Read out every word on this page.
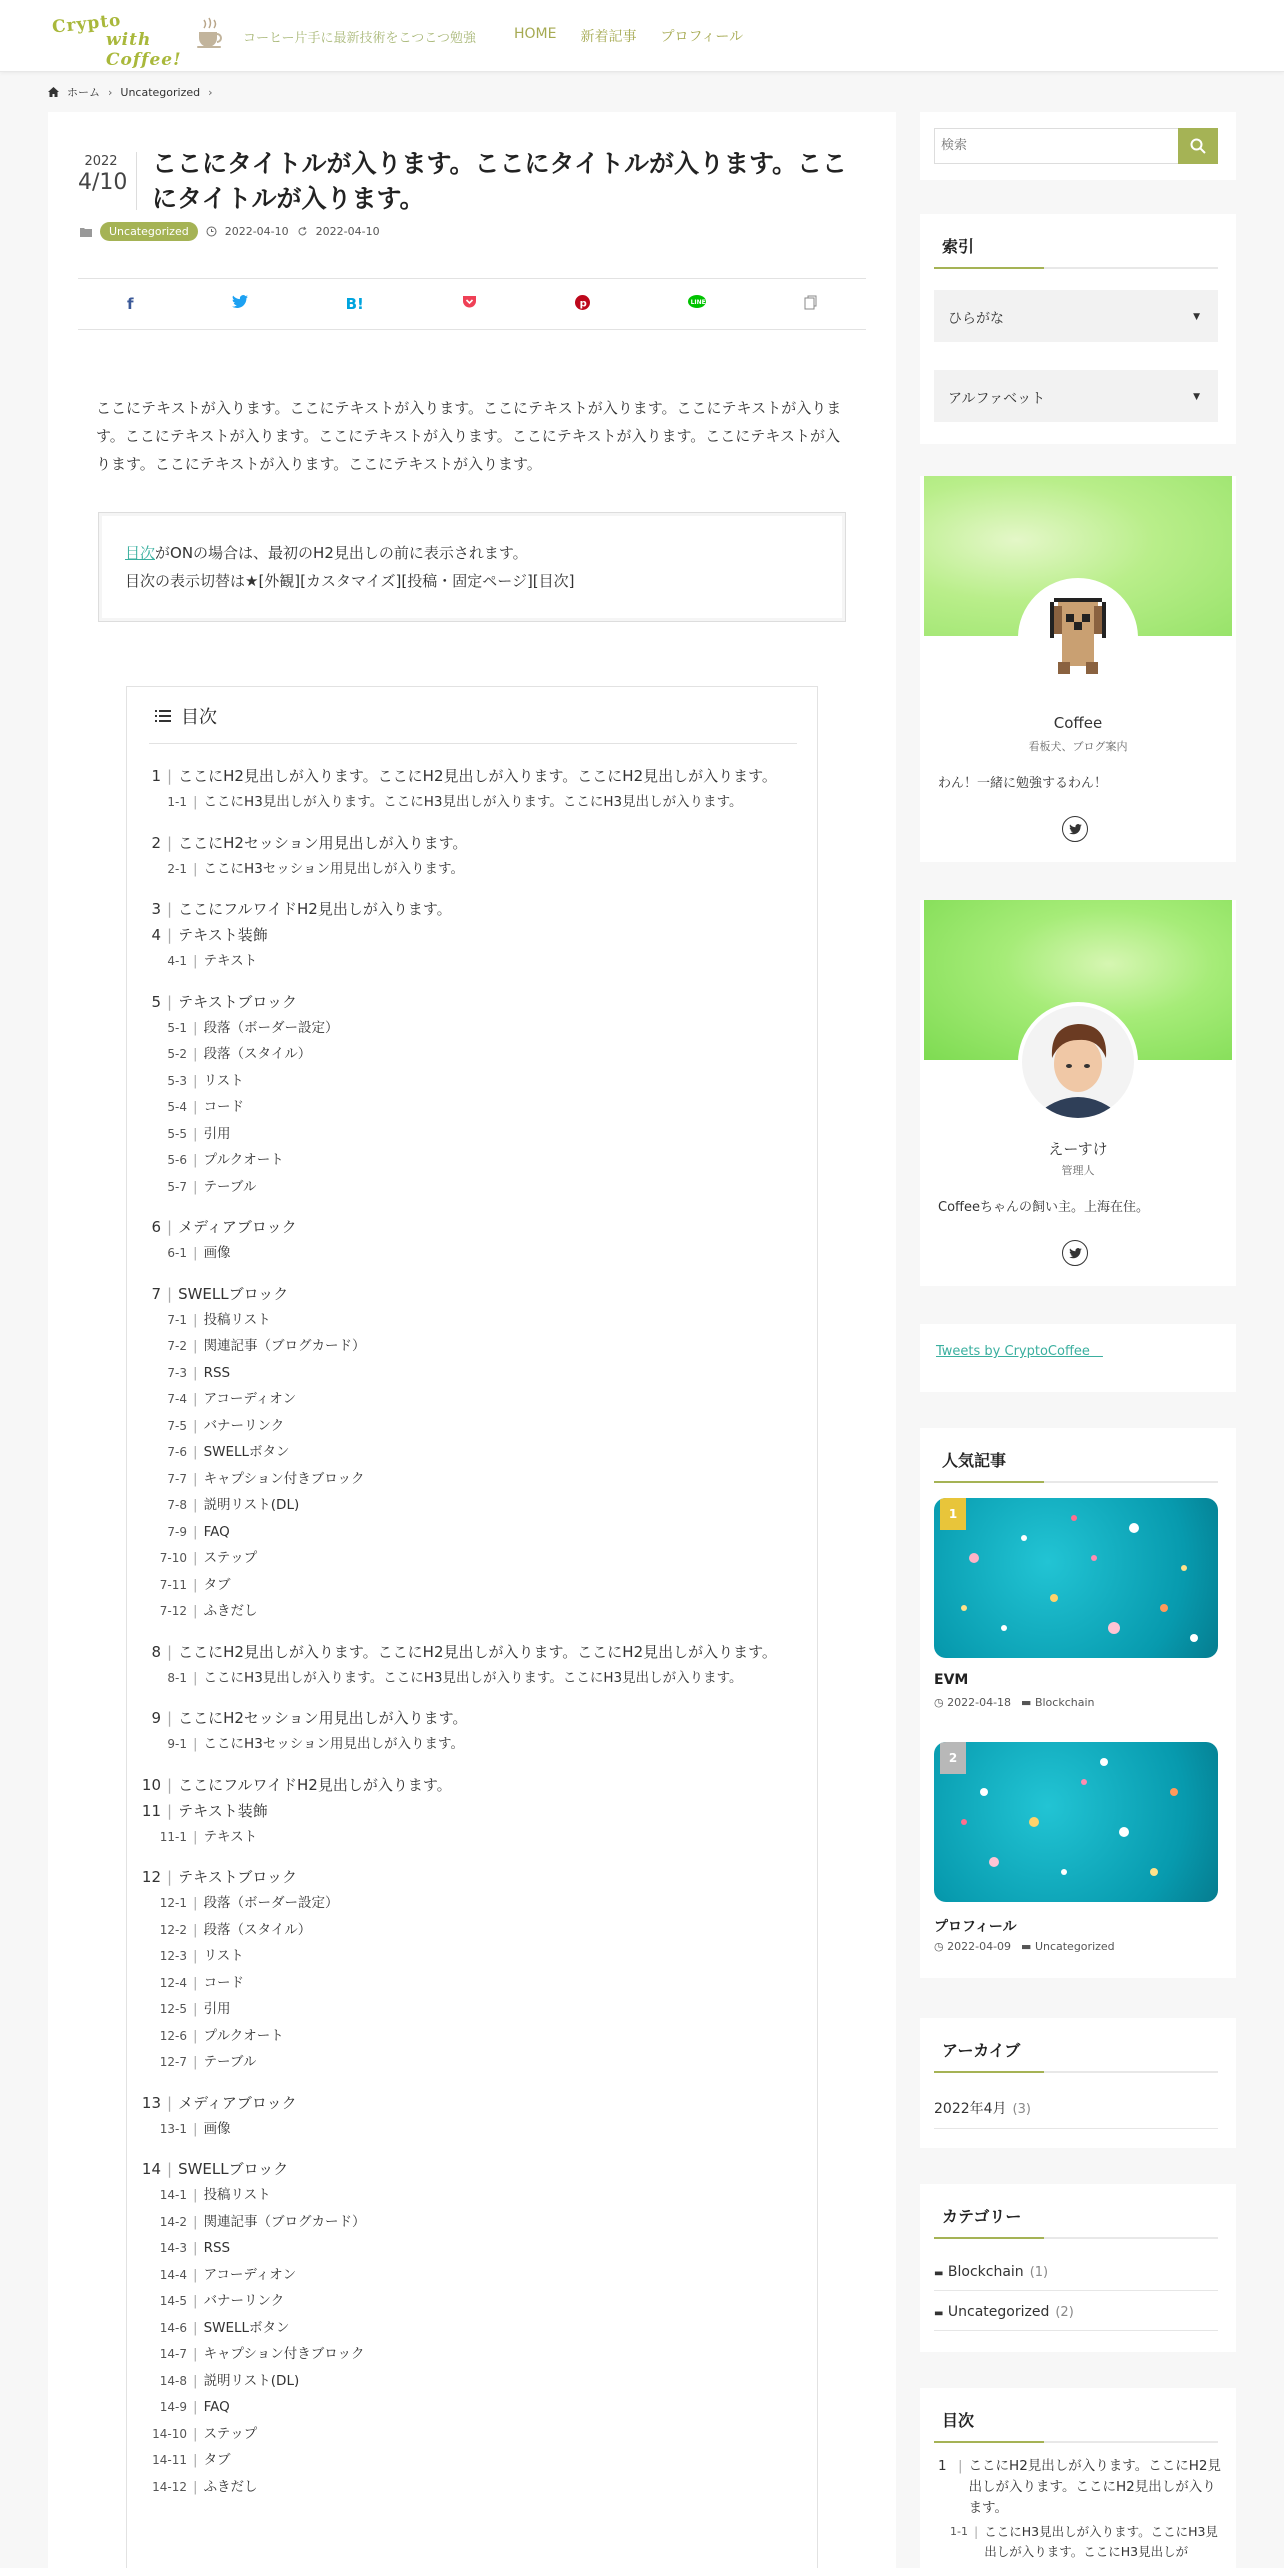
Crypto
with Coffee!
コーヒー片手に最新技術をこつこつ勉強	HOME 新着記事 プロフィール
ホーム › Uncategorized ›
2022
4/10
ここにタイトルが入ります。ここにタイトルが入ります。ここにタイトルが入ります。
Uncategorized	2022-04-10 2022-04-10
f	B!	p	LINE

ここにテキストが入ります。ここにテキストが入ります。ここにテキストが入ります。ここにテキストが入ります。ここにテキストが入ります。ここにテキストが入ります。ここにテキストが入ります。ここにテキストが入ります。ここにテキストが入ります。ここにテキストが入ります。

目次がONの場合は、最初のH2見出しの前に表示されます。
目次の表示切替は★[外観][カスタマイズ][投稿・固定ページ][目次]
目次
1 | ここにH2見出しが入ります。ここにH2見出しが入ります。ここにH2見出しが入ります。
1-1 | ここにH3見出しが入ります。ここにH3見出しが入ります。ここにH3見出しが入ります。
2 | ここにH2セッション用見出しが入ります。
2-1 | ここにH3セッション用見出しが入ります。
3 | ここにフルワイドH2見出しが入ります。
4 | テキスト装飾
4-1 | テキスト
5 | テキストブロック
5-1 | 段落（ボーダー設定）
5-2 | 段落（スタイル）
5-3 | リスト
5-4 | コード
5-5 | 引用
5-6 | プルクオート
5-7 | テーブル
6 | メディアブロック
6-1 | 画像
7 | SWELLブロック
7-1 | 投稿リスト
7-2 | 関連記事（ブログカード）
7-3 | RSS
7-4 | アコーディオン
7-5 | バナーリンク
7-6 | SWELLボタン
7-7 | キャプション付きブロック
7-8 | 説明リスト(DL)
7-9 | FAQ
7-10 | ステップ
7-11 | タブ
7-12 | ふきだし
8 | ここにH2見出しが入ります。ここにH2見出しが入ります。ここにH2見出しが入ります。
8-1 | ここにH3見出しが入ります。ここにH3見出しが入ります。ここにH3見出しが入ります。
9 | ここにH2セッション用見出しが入ります。
9-1 | ここにH3セッション用見出しが入ります。
10 | ここにフルワイドH2見出しが入ります。
11 | テキスト装飾
11-1 | テキスト
12 | テキストブロック
12-1 | 段落（ボーダー設定）
12-2 | 段落（スタイル）
12-3 | リスト
12-4 | コード
12-5 | 引用
12-6 | プルクオート
12-7 | テーブル
13 | メディアブロック
13-1 | 画像
14 | SWELLブロック
14-1 | 投稿リスト
14-2 | 関連記事（ブログカード）
14-3 | RSS
14-4 | アコーディオン
14-5 | バナーリンク
14-6 | SWELLボタン
14-7 | キャプション付きブロック
14-8 | 説明リスト(DL)
14-9 | FAQ
14-10 | ステップ
14-11 | タブ
14-12 | ふきだし
検索
索引
ひらがな	▼
アルファベット	▼
Coffee
看板犬、ブログ案内
わん！一緒に勉強するわん！
えーすけ
管理人
Coffeeちゃんの飼い主。上海在住。
Tweets by CryptoCoffee＿
人気記事
1
EVM
◷ 2022-04-18 ▬ Blockchain
2
プロフィール
◷ 2022-04-09 ▬ Uncategorized
アーカイブ
2022年4月 (3)
カテゴリー
▬ Blockchain (1)
▬ Uncategorized (2)
目次
1 | ここにH2見出しが入ります。ここにH2見出しが入ります。ここにH2見出しが入ります。
1-1 | ここにH3見出しが入ります。ここにH3見出しが入ります。ここにH3見出しが
